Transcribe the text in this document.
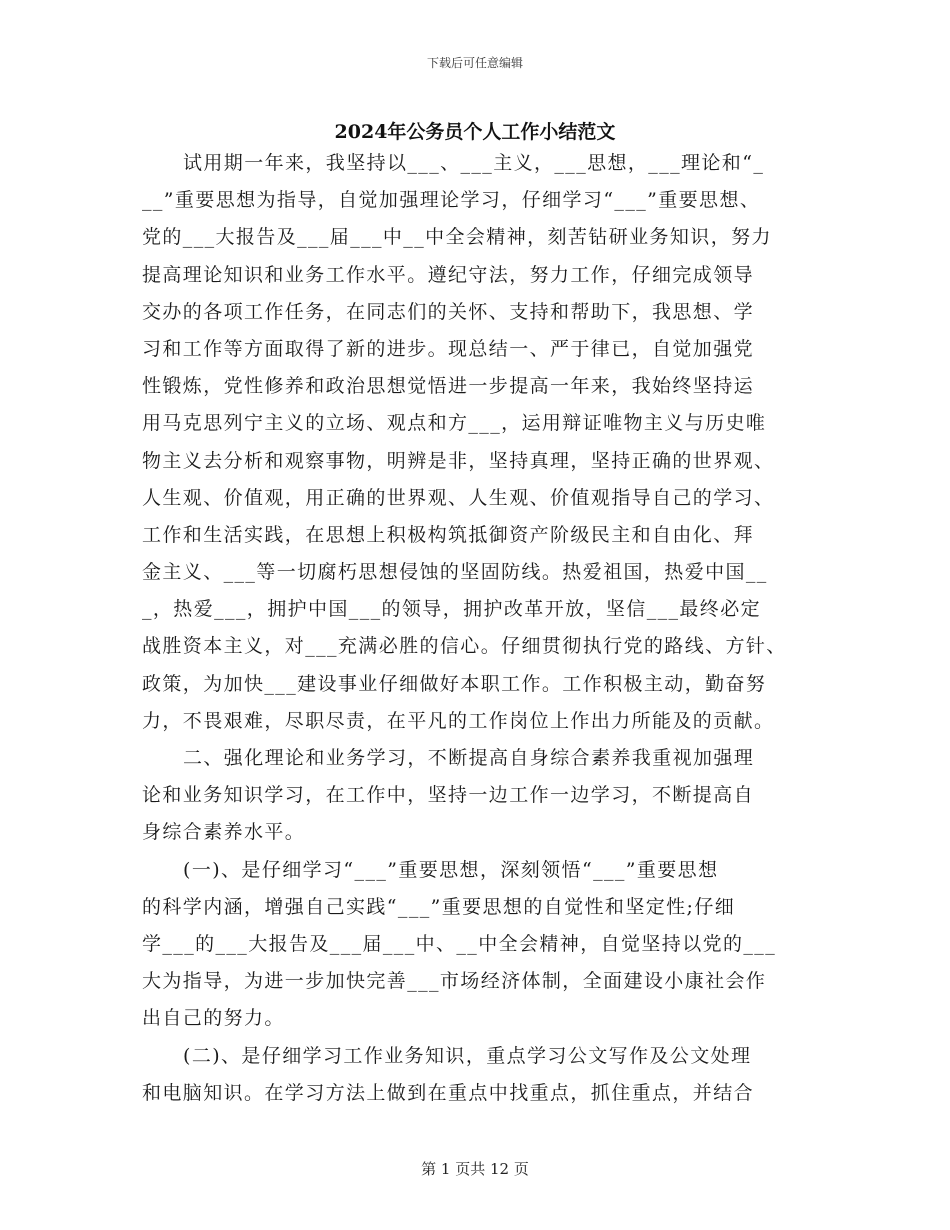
下载后可任意编辑
2024年公务员个人工作小结范文
试用期一年来，我坚持以___、___主义，___思想，___理论和“_
__”重要思想为指导，自觉加强理论学习，仔细学习“___”重要思想、
党的___大报告及___届___中__中全会精神，刻苦钻研业务知识，努力
提高理论知识和业务工作水平。遵纪守法，努力工作，仔细完成领导
交办的各项工作任务，在同志们的关怀、支持和帮助下，我思想、学
习和工作等方面取得了新的进步。现总结一、严于律已，自觉加强党
性锻炼，党性修养和政治思想觉悟进一步提高一年来，我始终坚持运
用马克思列宁主义的立场、观点和方___，运用辩证唯物主义与历史唯
物主义去分析和观察事物，明辨是非，坚持真理，坚持正确的世界观、
人生观、价值观，用正确的世界观、人生观、价值观指导自己的学习、
工作和生活实践，在思想上积极构筑抵御资产阶级民主和自由化、拜
金主义、___等一切腐朽思想侵蚀的坚固防线。热爱祖国，热爱中国__
_，热爱___，拥护中国___的领导，拥护改革开放，坚信___最终必定
战胜资本主义，对___充满必胜的信心。仔细贯彻执行党的路线、方针、
政策，为加快___建设事业仔细做好本职工作。工作积极主动，勤奋努
力，不畏艰难，尽职尽责，在平凡的工作岗位上作出力所能及的贡献。
二、强化理论和业务学习，不断提高自身综合素养我重视加强理
论和业务知识学习，在工作中，坚持一边工作一边学习，不断提高自
身综合素养水平。
(一)、是仔细学习“___”重要思想，深刻领悟“___”重要思想
的科学内涵，增强自己实践“___”重要思想的自觉性和坚定性;仔细
学___的___大报告及___届___中、__中全会精神，自觉坚持以党的___
大为指导，为进一步加快完善___市场经济体制，全面建设小康社会作
出自己的努力。
(二)、是仔细学习工作业务知识，重点学习公文写作及公文处理
和电脑知识。在学习方法上做到在重点中找重点，抓住重点，并结合
第 1 页共 12 页
